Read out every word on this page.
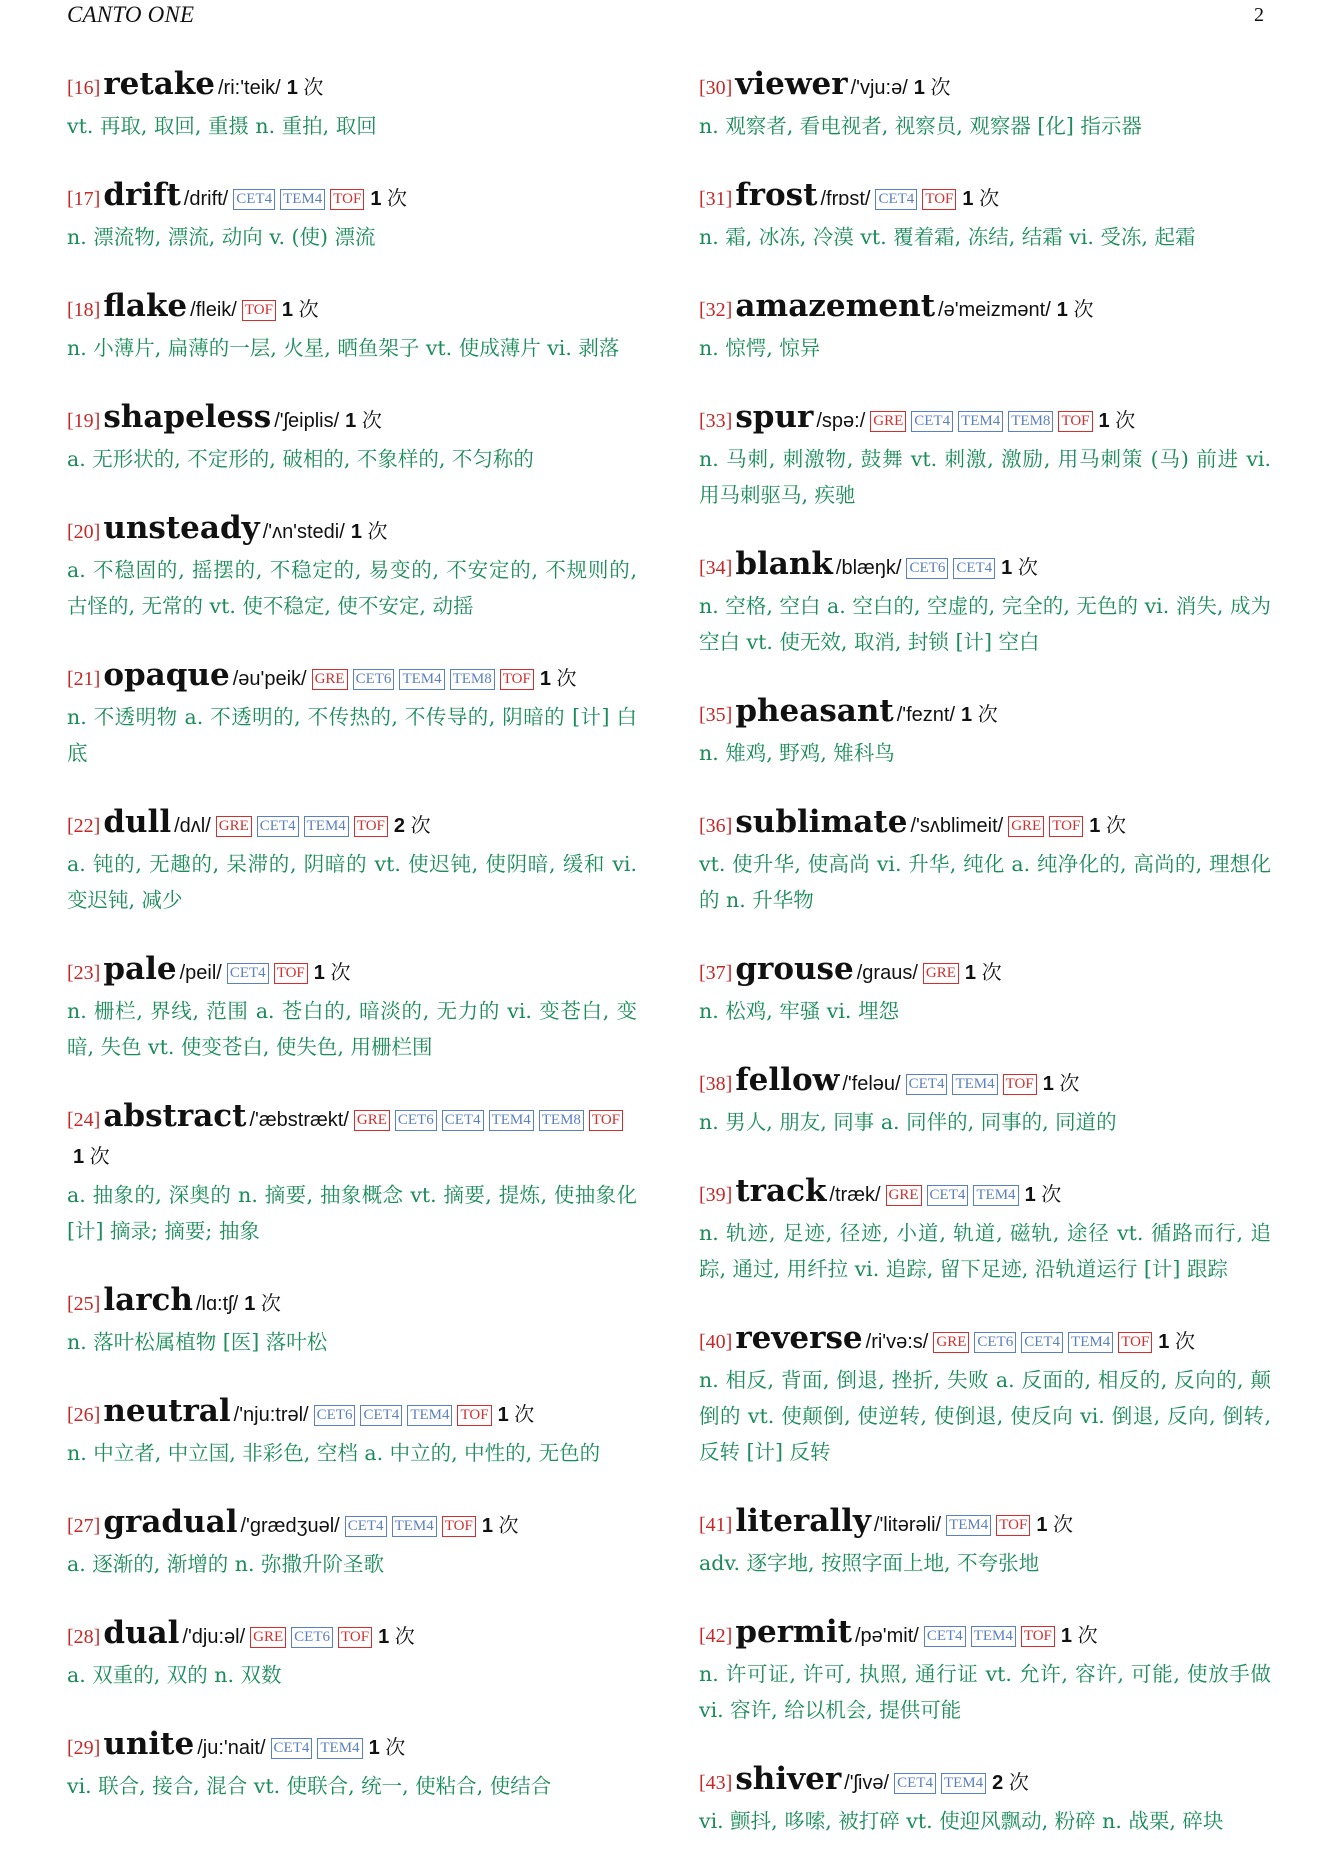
CANTO ONE	2
[16]retake /ri:'teik/ 1 次
vt. 再取, 取回, 重摄 n. 重拍, 取回
[17]drift /drift/ CET4 TEM4 TOF 1 次
n. 漂流物, 漂流, 动向 v. (使) 漂流
[18]flake /fleik/ TOF 1 次
n. 小薄片, 扁薄的一层, 火星, 晒鱼架子 vt. 使成薄片 vi. 剥落
[19]shapeless /'ʃeiplis/ 1 次
a. 无形状的, 不定形的, 破相的, 不象样的, 不匀称的
[20]unsteady /'ʌn'stedi/ 1 次
a. 不稳固的, 摇摆的, 不稳定的, 易变的, 不安定的, 不规则的, 古怪的, 无常的 vt. 使不稳定, 使不安定, 动摇
[21]opaque /əu'peik/ GRE CET6 TEM4 TEM8 TOF 1 次
n. 不透明物 a. 不透明的, 不传热的, 不传导的, 阴暗的 [计] 白底
[22]dull /dʌl/ GRE CET4 TEM4 TOF 2 次
a. 钝的, 无趣的, 呆滞的, 阴暗的 vt. 使迟钝, 使阴暗, 缓和 vi. 变迟钝, 减少
[23]pale /peil/ CET4 TOF 1 次
n. 栅栏, 界线, 范围 a. 苍白的, 暗淡的, 无力的 vi. 变苍白, 变暗, 失色 vt. 使变苍白, 使失色, 用栅栏围
[24]abstract /'æbstrækt/ GRE CET6 CET4 TEM4 TEM8 TOF1 次
a. 抽象的, 深奥的 n. 摘要, 抽象概念 vt. 摘要, 提炼, 使抽象化 [计] 摘录; 摘要; 抽象
[25]larch /lɑ:tʃ/ 1 次
n. 落叶松属植物 [医] 落叶松
[26]neutral /'nju:trəl/ CET6 CET4 TEM4 TOF 1 次
n. 中立者, 中立国, 非彩色, 空档 a. 中立的, 中性的, 无色的
[27]gradual /'grædʒuəl/ CET4 TEM4 TOF 1 次
a. 逐渐的, 渐增的 n. 弥撒升阶圣歌
[28]dual /'dju:əl/ GRE CET6 TOF 1 次
a. 双重的, 双的 n. 双数
[29]unite /ju:'nait/ CET4 TEM4 1 次
vi. 联合, 接合, 混合 vt. 使联合, 统一, 使粘合, 使结合
[30]viewer /'vju:ə/ 1 次
n. 观察者, 看电视者, 视察员, 观察器 [化] 指示器
[31]frost /frɒst/ CET4 TOF 1 次
n. 霜, 冰冻, 冷漠 vt. 覆着霜, 冻结, 结霜 vi. 受冻, 起霜
[32]amazement /ə'meizmənt/ 1 次
n. 惊愕, 惊异
[33]spur /spə:/ GRE CET4 TEM4 TEM8 TOF 1 次
n. 马刺, 刺激物, 鼓舞 vt. 刺激, 激励, 用马刺策 (马) 前进 vi. 用马刺驱马, 疾驰
[34]blank /blæŋk/ CET6 CET4 1 次
n. 空格, 空白 a. 空白的, 空虚的, 完全的, 无色的 vi. 消失, 成为空白 vt. 使无效, 取消, 封锁 [计] 空白
[35]pheasant /'feznt/ 1 次
n. 雉鸡, 野鸡, 雉科鸟
[36]sublimate /'sʌblimeit/ GRE TOF 1 次
vt. 使升华, 使高尚 vi. 升华, 纯化 a. 纯净化的, 高尚的, 理想化的 n. 升华物
[37]grouse /graus/ GRE 1 次
n. 松鸡, 牢骚 vi. 埋怨
[38]fellow /'feləu/ CET4 TEM4 TOF 1 次
n. 男人, 朋友, 同事 a. 同伴的, 同事的, 同道的
[39]track /træk/ GRE CET4 TEM4 1 次
n. 轨迹, 足迹, 径迹, 小道, 轨道, 磁轨, 途径 vt. 循路而行, 追踪, 通过, 用纤拉 vi. 追踪, 留下足迹, 沿轨道运行 [计] 跟踪
[40]reverse /ri'və:s/ GRE CET6 CET4 TEM4 TOF 1 次
n. 相反, 背面, 倒退, 挫折, 失败 a. 反面的, 相反的, 反向的, 颠倒的 vt. 使颠倒, 使逆转, 使倒退, 使反向 vi. 倒退, 反向, 倒转, 反转 [计] 反转
[41]literally /'litərəli/ TEM4 TOF 1 次
adv. 逐字地, 按照字面上地, 不夸张地
[42]permit /pə'mit/ CET4 TEM4 TOF 1 次
n. 许可证, 许可, 执照, 通行证 vt. 允许, 容许, 可能, 使放手做 vi. 容许, 给以机会, 提供可能
[43]shiver /'ʃivə/ CET4 TEM4 2 次
vi. 颤抖, 哆嗦, 被打碎 vt. 使迎风飘动, 粉碎 n. 战栗, 碎块
